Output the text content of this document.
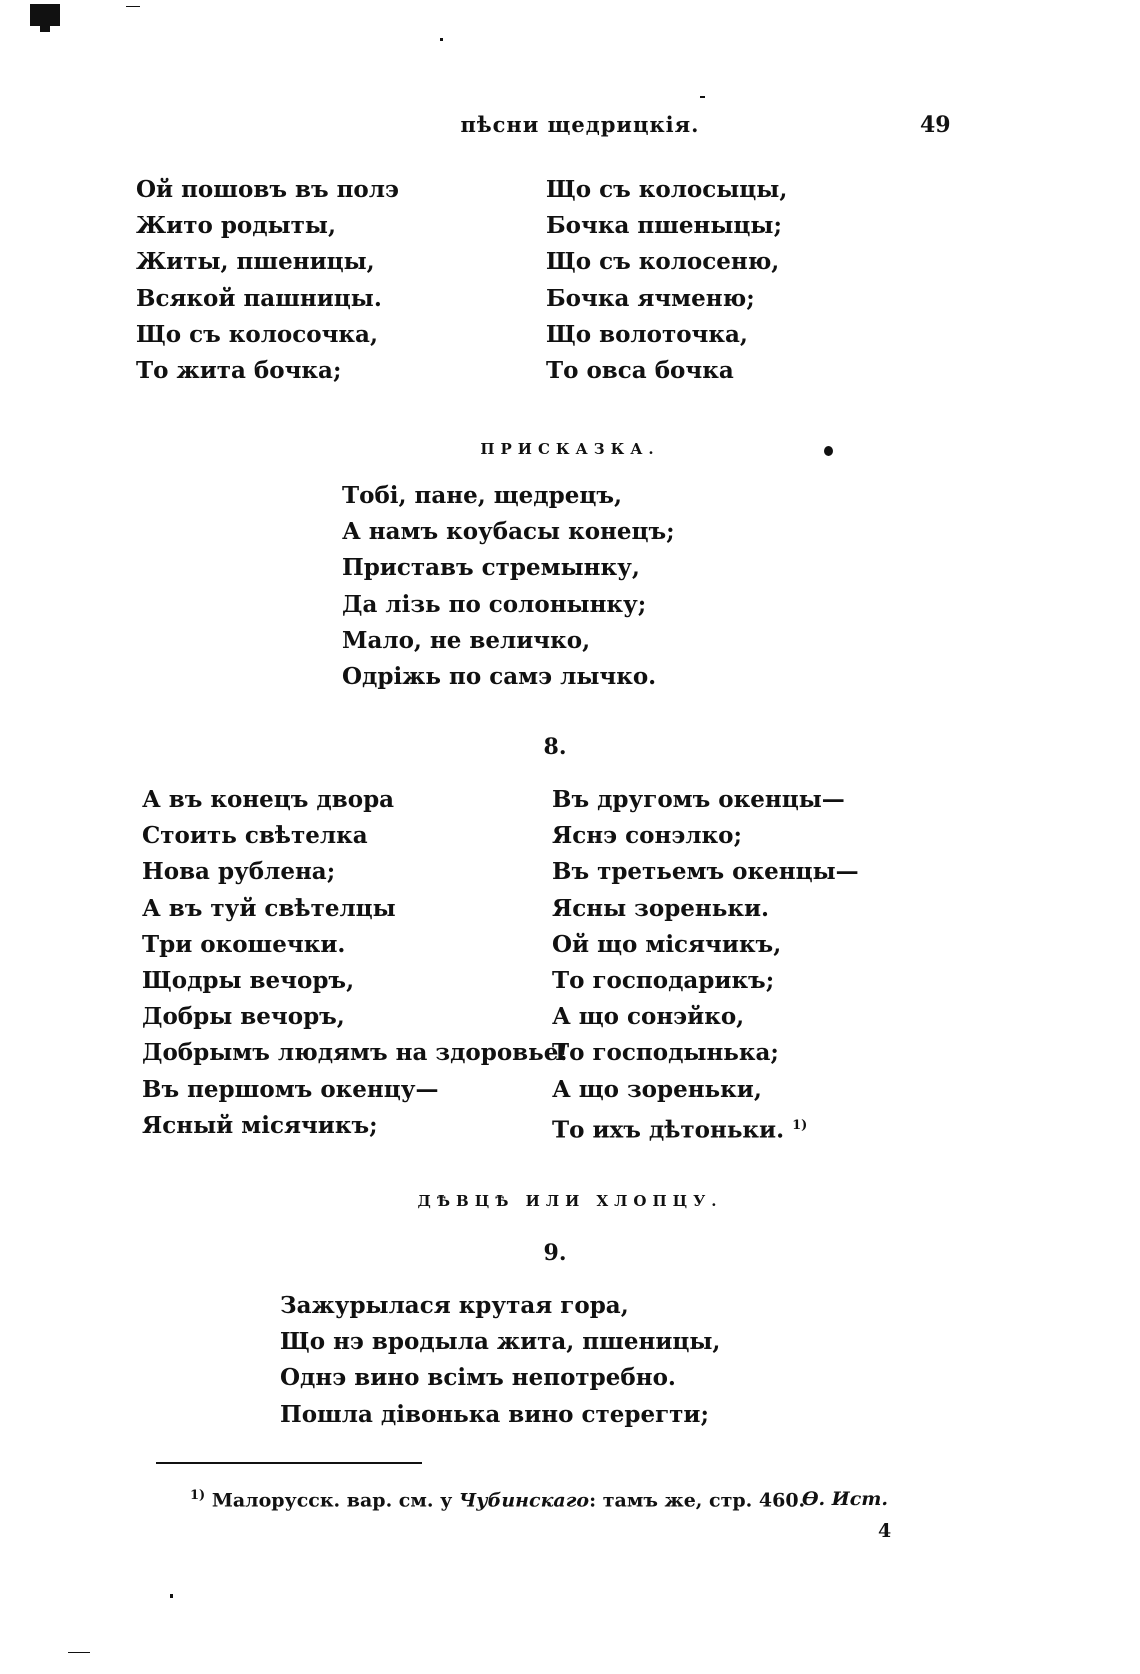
пѣсни щедрицкія.	49
Ой пошовъ въ полэ
Жито родыты,
Житы, пшеницы,
Всякой пашницы.
Що съ колосочка,
То жита бочка;
Що съ колосыцы,
Бочка пшеныцы;
Що съ колосеню,
Бочка ячменю;
Що волоточка,
То овса бочка
ПРИСКАЗКА.
Тобі, пане, щедрецъ,
А намъ коубасы конецъ;
Приставъ стремынку,
Да лізь по солонынку;
Мало, не величко,
Одріжь по самэ лычко.
8.
А въ конецъ двора
Стоить свѣтелка
Нова рублена;
А въ туй свѣтелцы
Три окошечки.
Щодры вечоръ,
Добры вечоръ,
Добрымъ людямъ на здоровье!
Въ першомъ окенцу—
Ясный місячикъ;
Въ другомъ окенцы—
Яснэ сонэлко;
Въ третьемъ окенцы—
Ясны зореньки.
Ой що місячикъ,
То господарикъ;
А що сонэйко,
То господынька;
А що зореньки,
То ихъ дѣтоньки. $^{1)}$
ДѢВЦѢ ИЛИ ХЛОПЦУ.
9.
Зажурылася крутая гора,
Що нэ вродыла жита, пшеницы,
Однэ вино всімъ непотребно.
Пошла дівонька вино стерегти;
$^{1)}$ Малорусск. вар. см. у Чубинскаго: тамъ же, стр. 460.
Ѳ. Ист.
4
